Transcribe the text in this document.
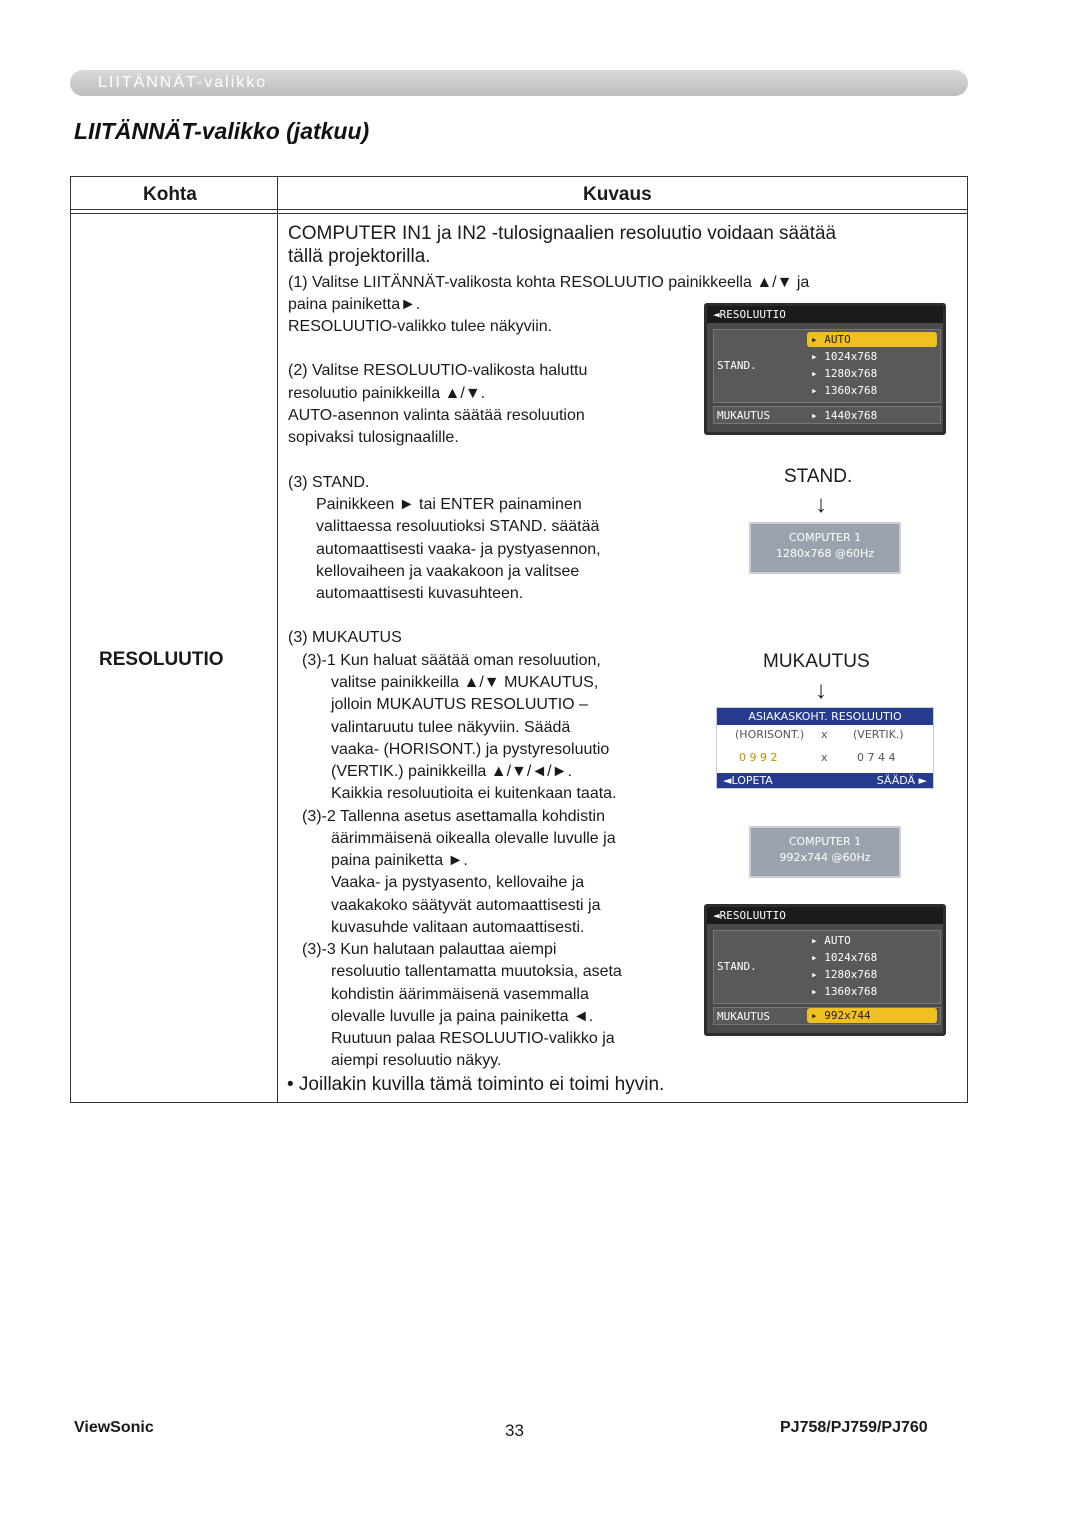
LIITÄNNÄT-valikko
LIITÄNNÄT-valikko (jatkuu)
Kohta	Kuvaus
RESOLUUTIO
COMPUTER IN1 ja IN2 -tulosignaalien resoluutio voidaan säätää
tällä projektorilla.
(1) Valitse LIITÄNNÄT-valikosta kohta RESOLUUTIO painikkeella ▲/▼ ja
paina painiketta►.
RESOLUUTIO-valikko tulee näkyviin.
(2) Valitse RESOLUUTIO-valikosta haluttu
resoluutio painikkeilla ▲/▼.
AUTO-asennon valinta säätää resoluution
sopivaksi tulosignaalille.
(3) STAND.
Painikkeen ► tai ENTER painaminen
valittaessa resoluutioksi STAND. säätää
automaattisesti vaaka- ja pystyasennon,
kellovaiheen ja vaakakoon ja valitsee
automaattisesti kuvasuhteen.
(3) MUKAUTUS
(3)-1 Kun haluat säätää oman resoluution,
valitse painikkeilla ▲/▼ MUKAUTUS,
jolloin MUKAUTUS RESOLUUTIO –
valintaruutu tulee näkyviin. Säädä
vaaka- (HORISONT.) ja pystyresoluutio
(VERTIK.) painikkeilla ▲/▼/◄/►.
Kaikkia resoluutioita ei kuitenkaan taata.
(3)-2 Tallenna asetus asettamalla kohdistin
äärimmäisenä oikealla olevalle luvulle ja
paina painiketta ►.
Vaaka- ja pystyasento, kellovaihe ja
vaakakoko säätyvät automaattisesti ja
kuvasuhde valitaan automaattisesti.
(3)-3 Kun halutaan palauttaa aiempi
resoluutio tallentamatta muutoksia, aseta
kohdistin äärimmäisenä vasemmalla
olevalle luvulle ja paina painiketta ◄.
Ruutuun palaa RESOLUUTIO-valikko ja
aiempi resoluutio näkyy.
• Joillakin kuvilla tämä toiminto ei toimi hyvin.
STAND.
↓
MUKAUTUS
↓
◄RESOLUUTIO
STAND.
▸ AUTO
▸ 1024x768
▸ 1280x768
▸ 1360x768
MUKAUTUS	▸ 1440x768
COMPUTER 1
1280x768 @60Hz
ASIAKASKOHT. RESOLUUTIO
(HORISONT.) x (VERTIK.)
0 9 9 2	x	0 7 4 4
◄LOPETA	SÄÄDÄ ►
COMPUTER 1
992x744 @60Hz
◄RESOLUUTIO
STAND.
▸ AUTO
▸ 1024x768
▸ 1280x768
▸ 1360x768
MUKAUTUS	▸ 992x744
ViewSonic	33	PJ758/PJ759/PJ760
